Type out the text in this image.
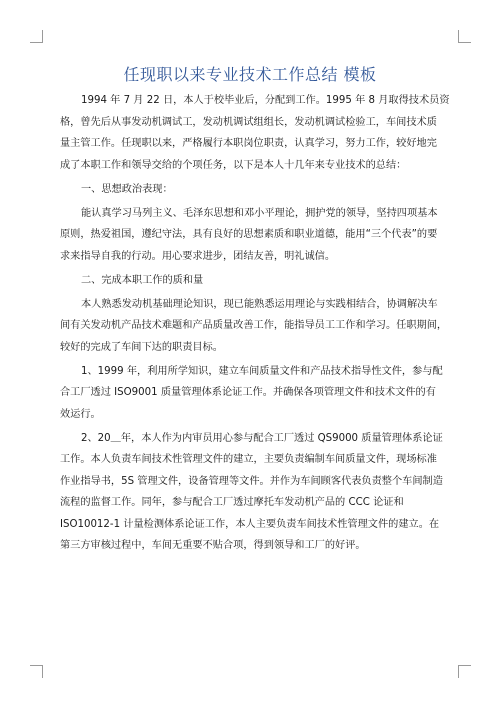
任现职以来专业技术工作总结 模板
1994 年 7 月 22 日，本人于校毕业后，分配到工作。1995 年 8 月取得技术员资
格，曾先后从事发动机调试工，发动机调试组组长，发动机调试检验工，车间技术质
量主管工作。任现职以来，严格履行本职岗位职责，认真学习，努力工作，较好地完
成了本职工作和领导交给的个项任务，以下是本人十几年来专业技术的总结：
一、思想政治表现：
能认真学习马列主义、毛泽东思想和邓小平理论，拥护党的领导，坚持四项基本
原则，热爱祖国，遵纪守法，具有良好的思想素质和职业道德，能用“三个代表”的要
求来指导自我的行动。用心要求进步，团结友善，明礼诚信。
二、完成本职工作的质和量
本人熟悉发动机基础理论知识，现已能熟悉运用理论与实践相结合，协调解决车
间有关发动机产品技术难题和产品质量改善工作，能指导员工工作和学习。任职期间，
较好的完成了车间下达的职责目标。
1、1999 年，利用所学知识，建立车间质量文件和产品技术指导性文件，参与配
合工厂透过 ISO9001 质量管理体系论证工作。并确保各项管理文件和技术文件的有
效运行。
2、20＿年，本人作为内审员用心参与配合工厂透过 QS9000 质量管理体系论证
工作。本人负责车间技术性管理文件的建立，主要负责编制车间质量文件，现场标准
作业指导书，5S 管理文件，设备管理等文件。并作为车间顾客代表负责整个车间制造
流程的监督工作。同年，参与配合工厂透过摩托车发动机产品的 CCC 论证和
ISO10012-1 计量检测体系论证工作，本人主要负责车间技术性管理文件的建立。在
第三方审核过程中，车间无重要不贴合项，得到领导和工厂的好评。
